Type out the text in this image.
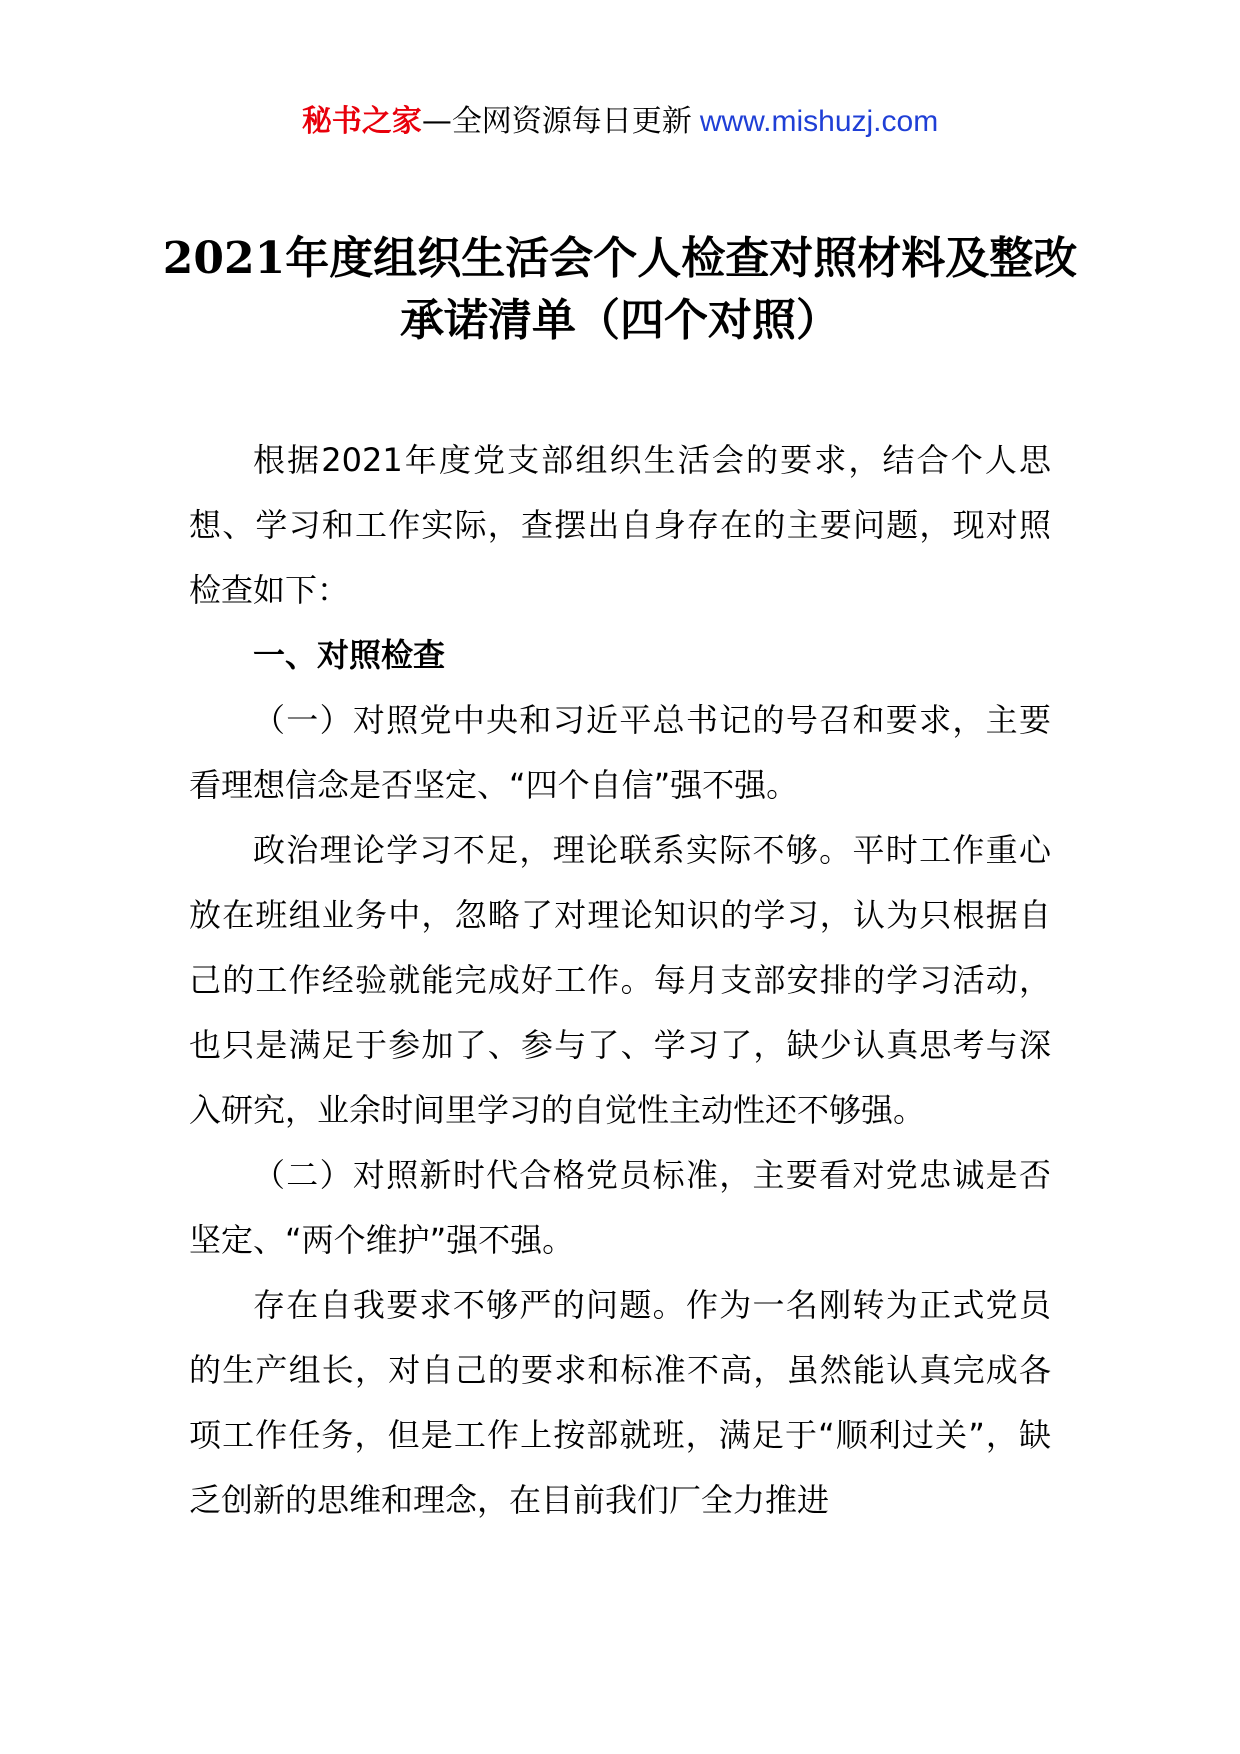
秘书之家—全网资源每日更新 www.mishuzj.com
2021年度组织生活会个人检查对照材料及整改承诺清单（四个对照）

根据2021年度党支部组织生活会的要求，结合个人思想、学习和工作实际，查摆出自身存在的主要问题，现对照检查如下：

一、对照检查

（一）对照党中央和习近平总书记的号召和要求，主要看理想信念是否坚定、“四个自信”强不强。

政治理论学习不足，理论联系实际不够。平时工作重心放在班组业务中，忽略了对理论知识的学习，认为只根据自己的工作经验就能完成好工作。每月支部安排的学习活动，也只是满足于参加了、参与了、学习了，缺少认真思考与深入研究，业余时间里学习的自觉性主动性还不够强。

（二）对照新时代合格党员标准，主要看对党忠诚是否坚定、“两个维护”强不强。

存在自我要求不够严的问题。作为一名刚转为正式党员的生产组长，对自己的要求和标准不高，虽然能认真完成各项工作任务，但是工作上按部就班，满足于“顺利过关”，缺乏创新的思维和理念，在目前我们厂全力推进
